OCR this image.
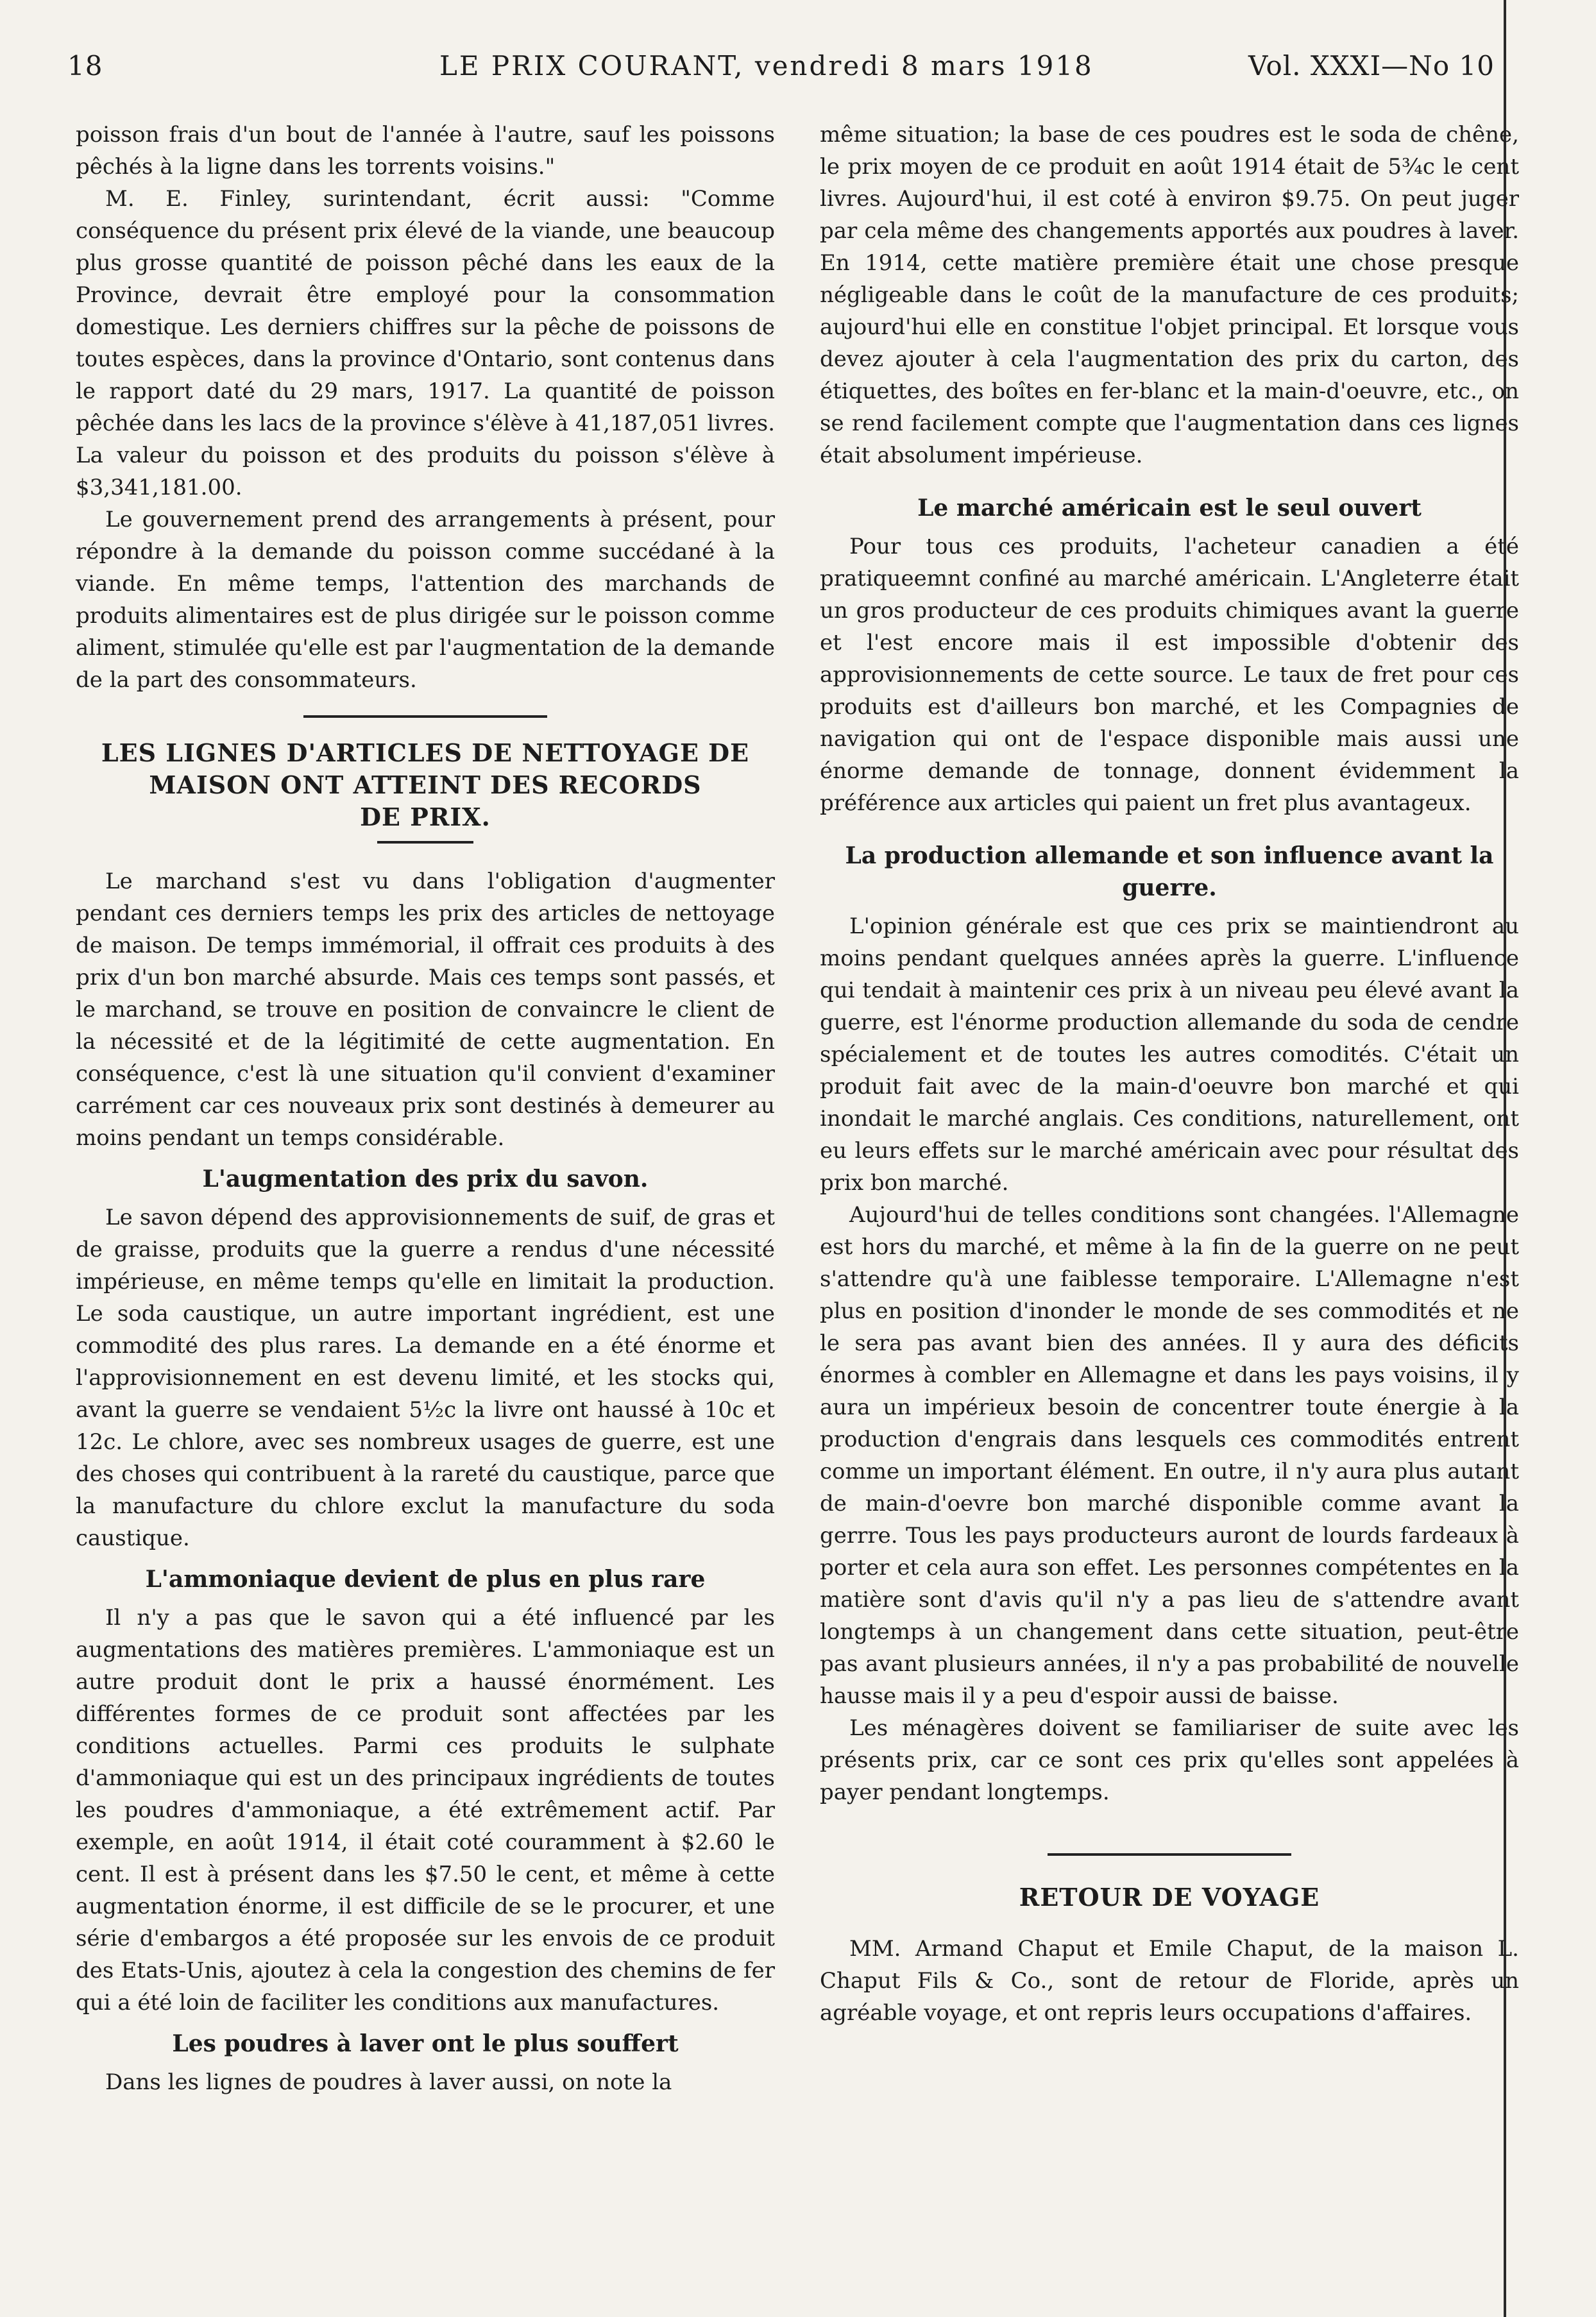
18	LE PRIX COURANT, vendredi 8 mars 1918	Vol. XXXI—No 10

poisson frais d'un bout de l'année à l'autre, sauf les poissons pêchés à la ligne dans les torrents voisins."

M. E. Finley, surintendant, écrit aussi: "Comme conséquence du présent prix élevé de la viande, une beaucoup plus grosse quantité de poisson pêché dans les eaux de la Province, devrait être employé pour la consommation domestique. Les derniers chiffres sur la pêche de poissons de toutes espèces, dans la province d'Ontario, sont contenus dans le rapport daté du 29 mars, 1917. La quantité de poisson pêchée dans les lacs de la province s'élève à 41,187,051 livres. La valeur du poisson et des produits du poisson s'élève à $3,341,181.00.

Le gouvernement prend des arrangements à présent, pour répondre à la demande du poisson comme succédané à la viande. En même temps, l'attention des marchands de produits alimentaires est de plus dirigée sur le poisson comme aliment, stimulée qu'elle est par l'augmentation de la demande de la part des consommateurs.

LES LIGNES D'ARTICLES DE NETTOYAGE DE
MAISON ONT ATTEINT DES RECORDS
DE PRIX.

Le marchand s'est vu dans l'obligation d'augmenter pendant ces derniers temps les prix des articles de nettoyage de maison. De temps immémorial, il offrait ces produits à des prix d'un bon marché absurde. Mais ces temps sont passés, et le marchand, se trouve en position de convaincre le client de la nécessité et de la légitimité de cette augmentation. En conséquence, c'est là une situation qu'il convient d'examiner carrément car ces nouveaux prix sont destinés à demeurer au moins pendant un temps considérable.

L'augmentation des prix du savon.

Le savon dépend des approvisionnements de suif, de gras et de graisse, produits que la guerre a rendus d'une nécessité impérieuse, en même temps qu'elle en limitait la production. Le soda caustique, un autre important ingrédient, est une commodité des plus rares. La demande en a été énorme et l'approvisionnement en est devenu limité, et les stocks qui, avant la guerre se vendaient 5½c la livre ont haussé à 10c et 12c. Le chlore, avec ses nombreux usages de guerre, est une des choses qui contribuent à la rareté du caustique, parce que la manufacture du chlore exclut la manufacture du soda caustique.

L'ammoniaque devient de plus en plus rare

Il n'y a pas que le savon qui a été influencé par les augmentations des matières premières. L'ammoniaque est un autre produit dont le prix a haussé énormément. Les différentes formes de ce produit sont affectées par les conditions actuelles. Parmi ces produits le sulphate d'ammoniaque qui est un des principaux ingrédients de toutes les poudres d'ammoniaque, a été extrêmement actif. Par exemple, en août 1914, il était coté couramment à $2.60 le cent. Il est à présent dans les $7.50 le cent, et même à cette augmentation énorme, il est difficile de se le procurer, et une série d'embargos a été proposée sur les envois de ce produit des Etats-Unis, ajoutez à cela la congestion des chemins de fer qui a été loin de faciliter les conditions aux manufactures.

Les poudres à laver ont le plus souffert

Dans les lignes de poudres à laver aussi, on note la

même situation; la base de ces poudres est le soda de chêne, le prix moyen de ce produit en août 1914 était de 5¾c le cent livres. Aujourd'hui, il est coté à environ $9.75. On peut juger par cela même des changements apportés aux poudres à laver. En 1914, cette matière première était une chose presque négligeable dans le coût de la manufacture de ces produits; aujourd'hui elle en constitue l'objet principal. Et lorsque vous devez ajouter à cela l'augmentation des prix du carton, des étiquettes, des boîtes en fer-blanc et la main-d'oeuvre, etc., on se rend facilement compte que l'augmentation dans ces lignes était absolument impérieuse.

Le marché américain est le seul ouvert

Pour tous ces produits, l'acheteur canadien a été pratiqueemnt confiné au marché américain. L'Angleterre était un gros producteur de ces produits chimiques avant la guerre et l'est encore mais il est impossible d'obtenir des approvisionnements de cette source. Le taux de fret pour ces produits est d'ailleurs bon marché, et les Compagnies de navigation qui ont de l'espace disponible mais aussi une énorme demande de tonnage, donnent évidemment la préférence aux articles qui paient un fret plus avantageux.

La production allemande et son influence avant la guerre.

L'opinion générale est que ces prix se maintiendront au moins pendant quelques années après la guerre. L'influence qui tendait à maintenir ces prix à un niveau peu élevé avant la guerre, est l'énorme production allemande du soda de cendre spécialement et de toutes les autres comodités. C'était un produit fait avec de la main-d'oeuvre bon marché et qui inondait le marché anglais. Ces conditions, naturellement, ont eu leurs effets sur le marché américain avec pour résultat des prix bon marché.

Aujourd'hui de telles conditions sont changées. l'Allemagne est hors du marché, et même à la fin de la guerre on ne peut s'attendre qu'à une faiblesse temporaire. L'Allemagne n'est plus en position d'inonder le monde de ses commodités et ne le sera pas avant bien des années. Il y aura des déficits énormes à combler en Allemagne et dans les pays voisins, il y aura un impérieux besoin de concentrer toute énergie à la production d'engrais dans lesquels ces commodités entrent comme un important élément. En outre, il n'y aura plus autant de main-d'oevre bon marché disponible comme avant la gerrre. Tous les pays producteurs auront de lourds fardeaux à porter et cela aura son effet. Les personnes compétentes en la matière sont d'avis qu'il n'y a pas lieu de s'attendre avant longtemps à un changement dans cette situation, peut-être pas avant plusieurs années, il n'y a pas probabilité de nouvelle hausse mais il y a peu d'espoir aussi de baisse.

Les ménagères doivent se familiariser de suite avec les présents prix, car ce sont ces prix qu'elles sont appelées à payer pendant longtemps.

RETOUR DE VOYAGE

MM. Armand Chaput et Emile Chaput, de la maison L. Chaput Fils & Co., sont de retour de Floride, après un agréable voyage, et ont repris leurs occupations d'affaires.
